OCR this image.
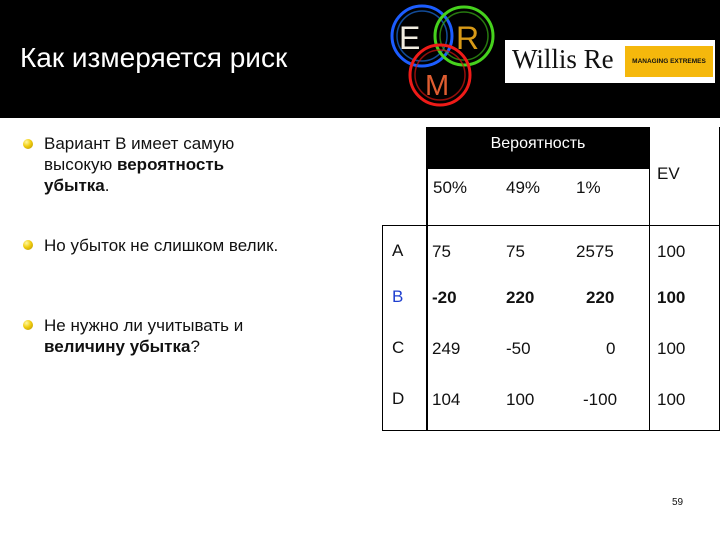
Как измеряется риск
E R
M
Willis Re	MANAGING EXTREMES
Вариант В имеет самую высокую вероятность убытка.
Но убыток не слишком велик.
Не нужно ли учитывать и величину убытка?
Вероятность
50% 49% 1%
EV
A 75	75	2575	100
B -20	220	220	100
C 249	-50	0 100
D 104	100	-100 100
59
